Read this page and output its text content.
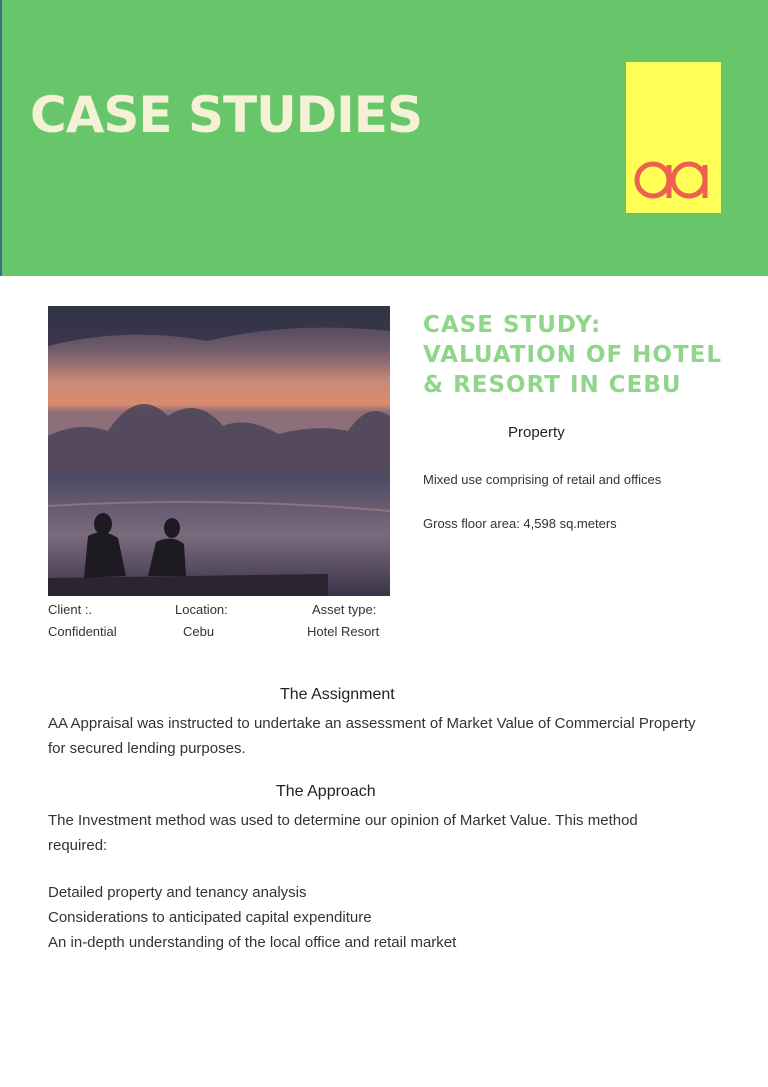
CASE STUDIES
CASE STUDY:
VALUATION OF HOTEL
& RESORT IN CEBU
Property
Mixed use comprising of retail and offices
Gross floor area: 4,598 sq.meters
Client :.
Confidential
Location:
Cebu
Asset type:
Hotel Resort
The Assignment
AA Appraisal was instructed to undertake an assessment of Market Value of Commercial Property
for secured lending purposes.
The Approach
The Investment method was used to determine our opinion of Market Value. This method
required:
Detailed property and tenancy analysis
Considerations to anticipated capital expenditure
An in-depth understanding of the local office and retail market
